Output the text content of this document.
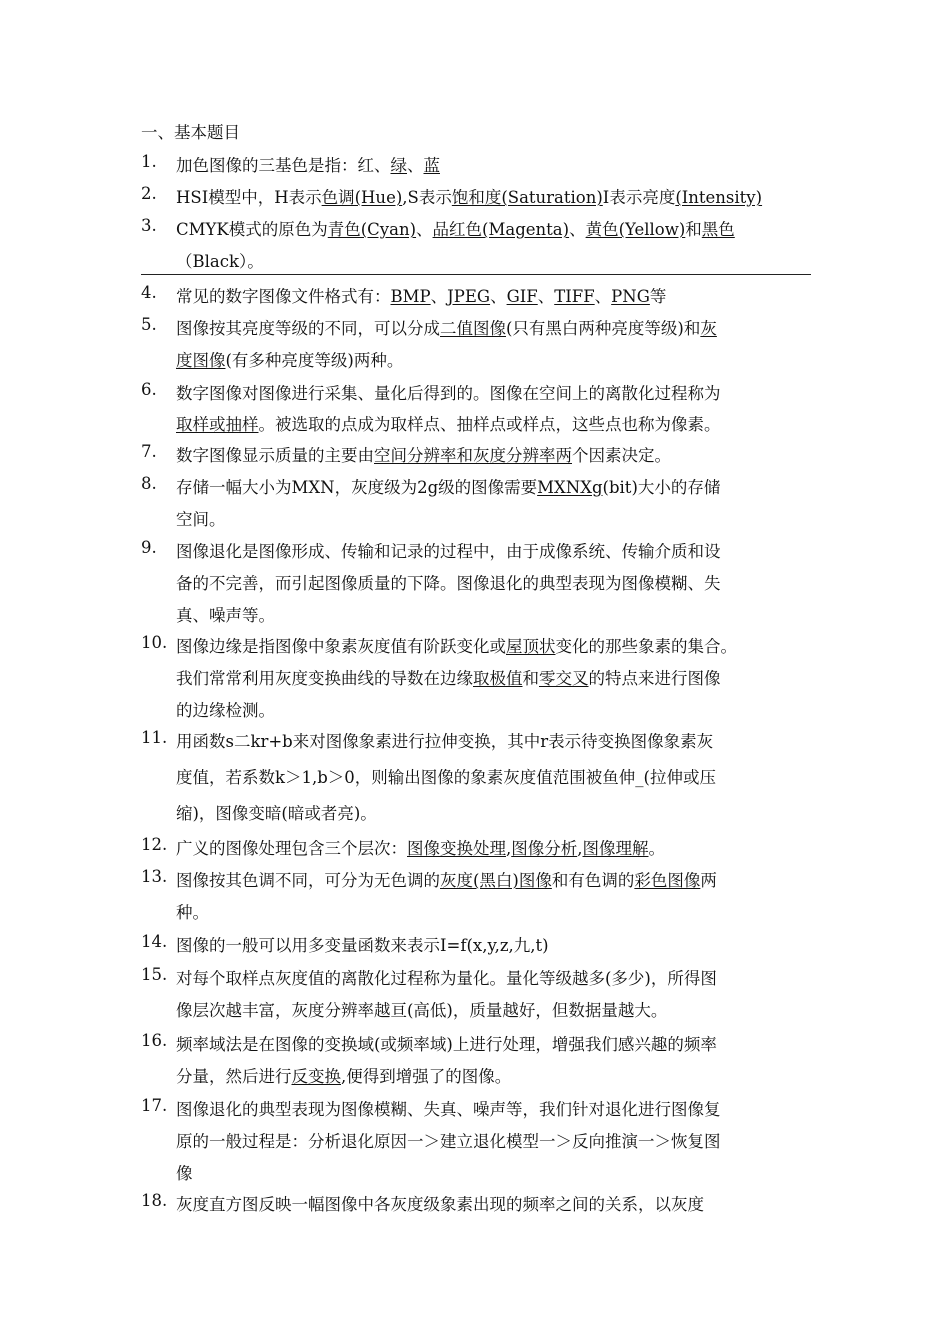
一、基本题目
1.	加色图像的三基色是指：红、绿、蓝
2.	HSI模型中，H表示色调(Hue),S表示饱和度(Saturation)I表示亮度(Intensity)
3.	CMYK模式的原色为青色(Cyan)、品红色(Magenta)、黄色(Yellow)和黑色
（Black）。
4.	常见的数字图像文件格式有：BMP、JPEG、GIF、TIFF、PNG等
5.	图像按其亮度等级的不同，可以分成二值图像(只有黑白两种亮度等级)和灰
度图像(有多种亮度等级)两种。
6.	数字图像对图像进行采集、量化后得到的。图像在空间上的离散化过程称为
取样或抽样。被选取的点成为取样点、抽样点或样点，这些点也称为像素。
7.	数字图像显示质量的主要由空间分辨率和灰度分辨率两个因素决定。
8.	存储一幅大小为MXN，灰度级为2g级的图像需要MXNXg(bit)大小的存储
空间。
9.	图像退化是图像形成、传输和记录的过程中，由于成像系统、传输介质和设
备的不完善，而引起图像质量的下降。图像退化的典型表现为图像模糊、失
真、噪声等。
10. 图像边缘是指图像中象素灰度值有阶跃变化或屋顶状变化的那些象素的集合。
我们常常利用灰度变换曲线的导数在边缘取极值和零交叉的特点来进行图像
的边缘检测。
11. 用函数s二kr+b来对图像象素进行拉伸变换，其中r表示待变换图像象素灰
度值，若系数k＞1,b＞0，则输出图像的象素灰度值范围被鱼伸_(拉伸或压
缩)，图像变暗(暗或者亮)。
12. 广义的图像处理包含三个层次：图像变换处理,图像分析,图像理解。
13. 图像按其色调不同，可分为无色调的灰度(黑白)图像和有色调的彩色图像两
种。
14. 图像的一般可以用多变量函数来表示I=f(x,y,z,九,t)
15. 对每个取样点灰度值的离散化过程称为量化。量化等级越多(多少)，所得图
像层次越丰富，灰度分辨率越亘(高低)，质量越好，但数据量越大。
16. 频率域法是在图像的变换域(或频率域)上进行处理，增强我们感兴趣的频率
分量，然后进行反变换,便得到增强了的图像。
17. 图像退化的典型表现为图像模糊、失真、噪声等，我们针对退化进行图像复
原的一般过程是：分析退化原因一＞建立退化模型一＞反向推演一＞恢复图
像
18. 灰度直方图反映一幅图像中各灰度级象素出现的频率之间的关系，以灰度
